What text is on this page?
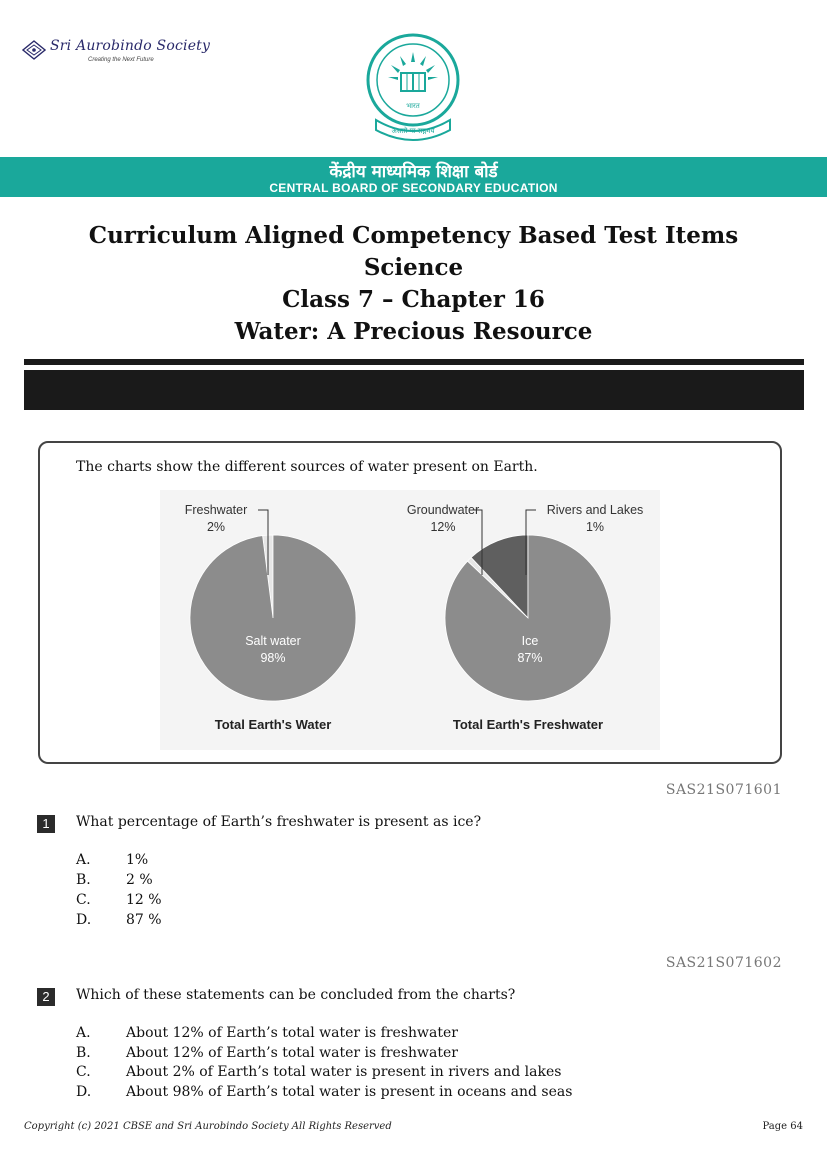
Sri Aurobindo Society
Creating the Next Future
भारत
असतो मा सद्गमय
केंद्रीय माध्यमिक शिक्षा बोर्ड
CENTRAL BOARD OF SECONDARY EDUCATION
Curriculum Aligned Competency Based Test Items
Science
Class 7 – Chapter 16
Water: A Precious Resource
The charts show the different sources of water present on Earth.
Salt water
98%
Freshwater
2%
Total Earth's Water
Ice
87%
Groundwater
12%
Rivers and Lakes
1%
Total Earth's Freshwater
SAS21S071601
1	What percentage of Earth’s freshwater is present as ice?
A.	1%
B.	2 %
C.	12 %
D. 87 %
SAS21S071602
2	Which of these statements can be concluded from the charts?
A.	About 12% of Earth’s total water is freshwater
B.	About 12% of Earth’s total water is freshwater
C.	About 2% of Earth’s total water is present in rivers and lakes
D. About 98% of Earth’s total water is present in oceans and seas
Copyright (c) 2021 CBSE and Sri Aurobindo Society All Rights Reserved	Page 64
